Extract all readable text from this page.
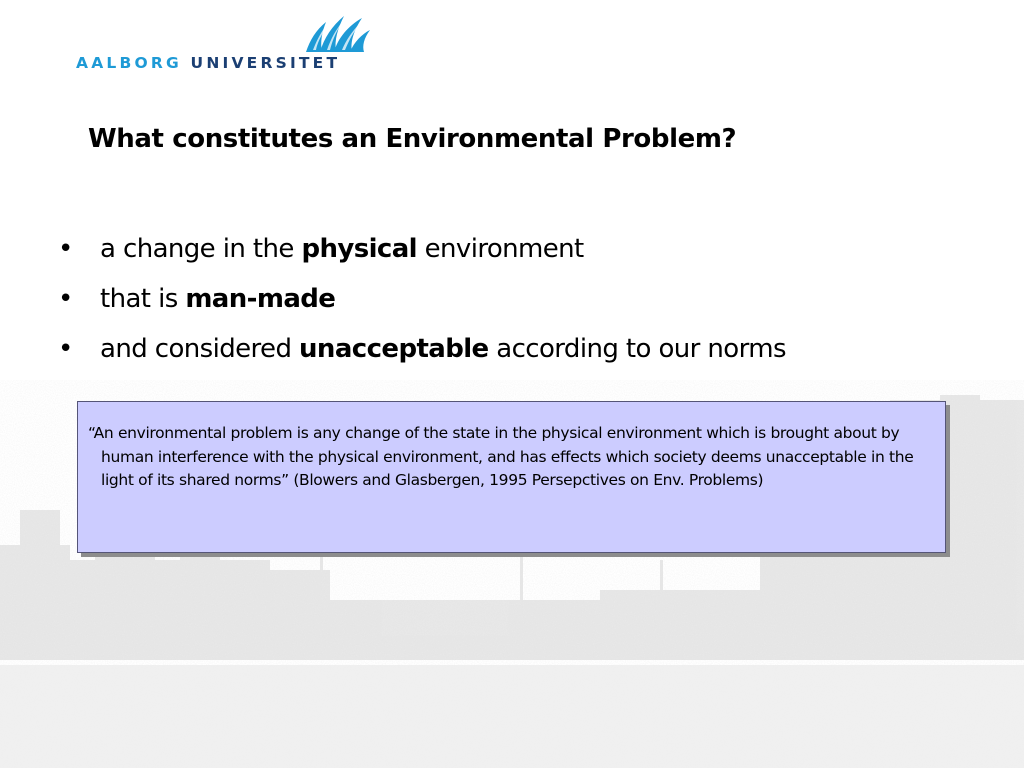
AALBORG UNIVERSITET
What constitutes an Environmental Problem?
• a change in the physical environment
• that is man-made
• and considered unacceptable according to our norms

“An environmental problem is any change of the state in the physical environment which is brought about by human interference with the physical environment, and has effects which society deems unacceptable in the light of its shared norms” (Blowers and Glasbergen, 1995 Persepctives on Env. Problems)
